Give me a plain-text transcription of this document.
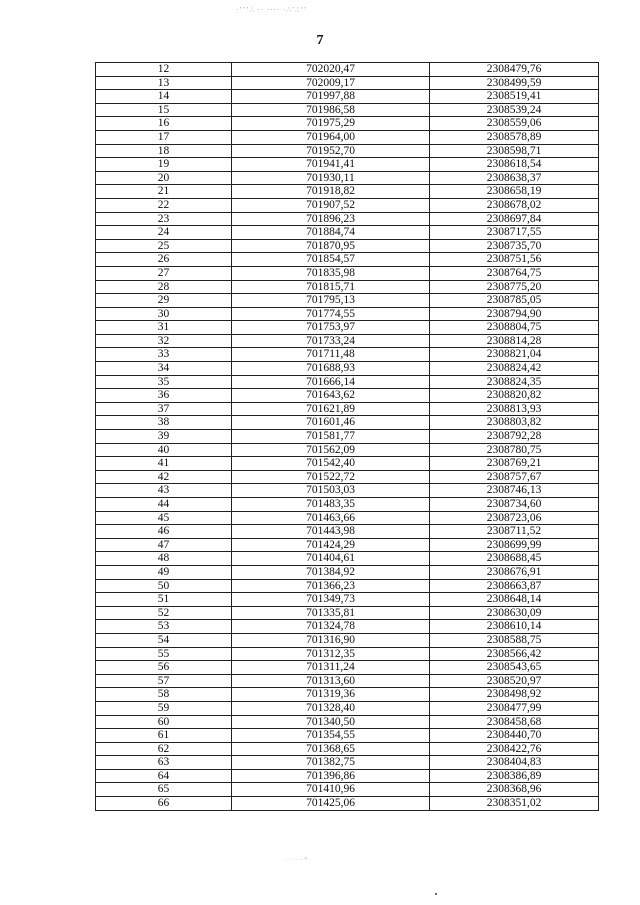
·ʼʼʼ∴ ·· ···· ·∴ʼ∴ʼʼ
7
12	702020,47	2308479,76
13	702009,17	2308499,59
14	701997,88	2308519,41
15	701986,58	2308539,24
16	701975,29	2308559,06
17	701964,00	2308578,89
18	701952,70	2308598,71
19	701941,41	2308618,54
20	701930,11	2308638,37
21	701918,82	2308658,19
22	701907,52	2308678,02
23	701896,23	2308697,84
24	701884,74	2308717,55
25	701870,95	2308735,70
26	701854,57	2308751,56
27	701835,98	2308764,75
28	701815,71	2308775,20
29	701795,13	2308785,05
30	701774,55	2308794,90
31	701753,97	2308804,75
32	701733,24	2308814,28
33	701711,48	2308821,04
34	701688,93	2308824,42
35	701666,14	2308824,35
36	701643,62	2308820,82
37	701621,89	2308813,93
38	701601,46	2308803,82
39	701581,77	2308792,28
40	701562,09	2308780,75
41	701542,40	2308769,21
42	701522,72	2308757,67
43	701503,03	2308746,13
44	701483,35	2308734,60
45	701463,66	2308723,06
46	701443,98	2308711,52
47	701424,29	2308699,99
48	701404,61	2308688,45
49	701384,92	2308676,91
50	701366,23	2308663,87
51	701349,73	2308648,14
52	701335,81	2308630,09
53	701324,78	2308610,14
54	701316,90	2308588,75
55	701312,35	2308566,42
56	701311,24	2308543,65
57	701313,60	2308520,97
58	701319,36	2308498,92
59	701328,40	2308477,99
60	701340,50	2308458,68
61	701354,55	2308440,70
62	701368,65	2308422,76
63	701382,75	2308404,83
64	701396,86	2308386,89
65	701410,96	2308368,96
66	701425,06	2308351,02
· · · · ·· ʰʳ
